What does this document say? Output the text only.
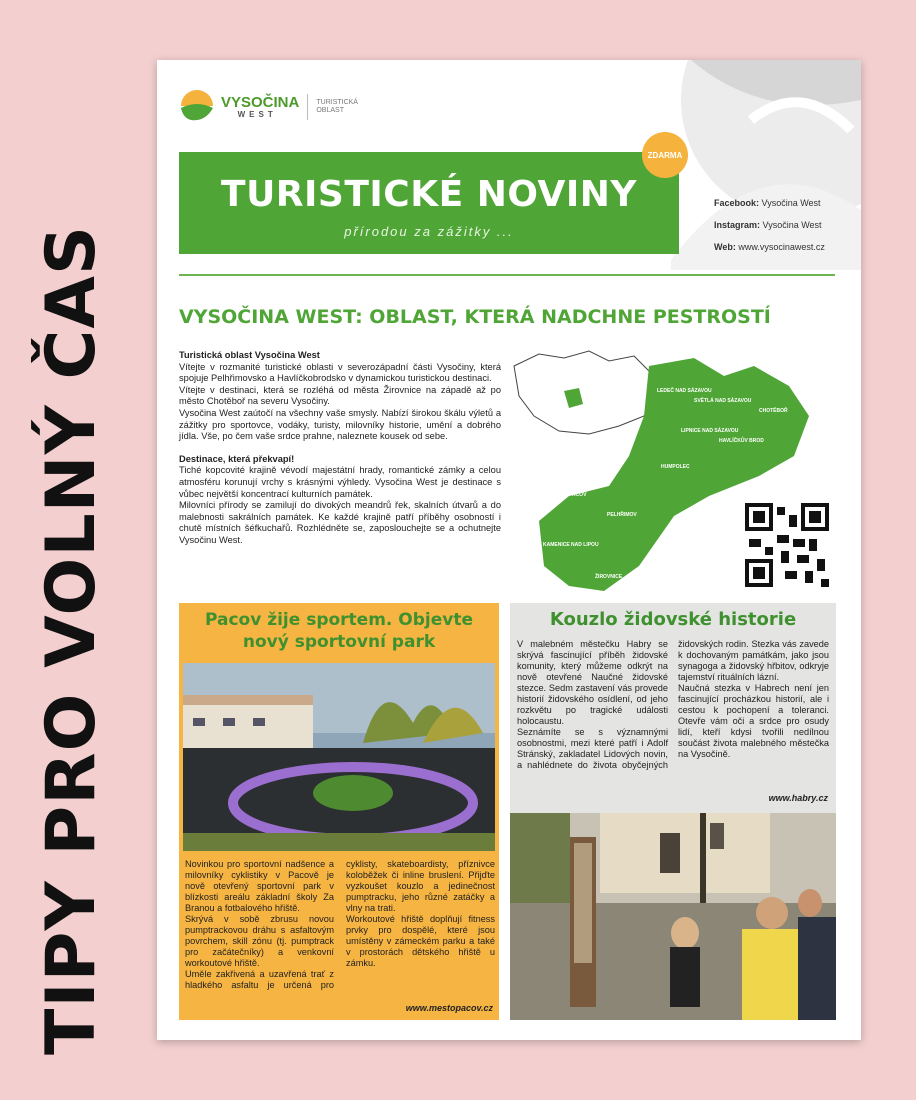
TIPY PRO VOLNÝ ČAS
VYSOČINA
WEST
TURISTICKÁ
OBLAST
TURISTICKÉ NOVINY
přírodou za zážitky ...
ZDARMA
Facebook: Vysočina West
Instagram: Vysočina West
Web: www.vysocinawest.cz
VYSOČINA WEST: OBLAST, KTERÁ NADCHNE PESTROSTÍ

Turistická oblast Vysočina West
Vítejte v rozmanité turistické oblasti v severozápadní části Vysočiny, která spojuje Pelhřimovsko a Havlíčkobrodsko v dynamickou turistickou destinaci.
Vítejte v destinaci, která se rozléhá od města Žirovnice na západě až po město Chotěboř na severu Vysočiny.
Vysočina West zaútočí na všechny vaše smysly. Nabízí širokou škálu výletů a zážitky pro sportovce, vodáky, turisty, milovníky historie, umění a dobrého jídla. Vše, po čem vaše srdce prahne, naleznete kousek od sebe.

Destinace, která překvapí!
Tiché kopcovité krajině vévodí majestátní hrady, romantické zámky a celou atmosféru korunují vrchy s krásnými výhledy. Vysočina West je destinace s vůbec největší koncentrací kulturních památek.
Milovníci přírody se zamilují do divokých meandrů řek, skalních útvarů a do malebnosti sakrálních památek. Ke každé krajině patří příběhy osobností i chutě místních šéfkuchařů. Rozhlédněte se, zaposlouchejte se a ochutnejte Vysočinu West.

LEDEČ NAD SÁZAVOU
SVĚTLÁ NAD SÁZAVOU
CHOTĚBOŘ
LIPNICE NAD SÁZAVOU
HAVLÍČKŮV BROD
HUMPOLEC
PACOV
PELHŘIMOV
KAMENICE NAD LIPOU
ŽIROVNICE
Pacov žije sportem. Objevte
nový sportovní park

Novinkou pro sportovní nadšence a milovníky cyklistiky v Pacově je nově otevřený sportovní park v blízkosti areálu základní školy Za Branou a fotbalového hřiště.

Skrývá v sobě zbrusu novou pumptrackovou dráhu s asfaltovým povrchem, skill zónu (tj. pumptrack pro začátečníky) a venkovní workoutové hřiště.

Uměle zakřivená a uzavřená trať z hladkého asfaltu je určená pro cyklisty, skateboardisty, příznivce koloběžek či inline bruslení. Přijďte vyzkoušet kouzlo a jedinečnost pumptracku, jeho různé zatáčky a vlny na trati.

Workoutové hřiště doplňují fitness prvky pro dospělé, které jsou umístěny v zámeckém parku a také v prostorách dětského hřiště u zámku.

www.mestopacov.cz
Kouzlo židovské historie

V malebném městečku Habry se skrývá fascinující příběh židovské komunity, který můžeme odkrýt na nově otevřené Naučné židovské stezce. Sedm zastavení vás provede historií židovského osídlení, od jeho rozkvětu po tragické události holocaustu.

Seznámíte se s významnými osobnostmi, mezi které patří i Adolf Stránský, zakladatel Lidových novin, a nahlédnete do života obyčejných židovských rodin. Stezka vás zavede k dochovaným památkám, jako jsou synagoga a židovský hřbitov, odkryje tajemství rituálních lázní.

Naučná stezka v Habrech není jen fascinující procházkou historií, ale i cestou k pochopení a toleranci. Otevře vám oči a srdce pro osudy lidí, kteří kdysi tvořili nedílnou součást života malebného městečka na Vysočině.

www.habry.cz
